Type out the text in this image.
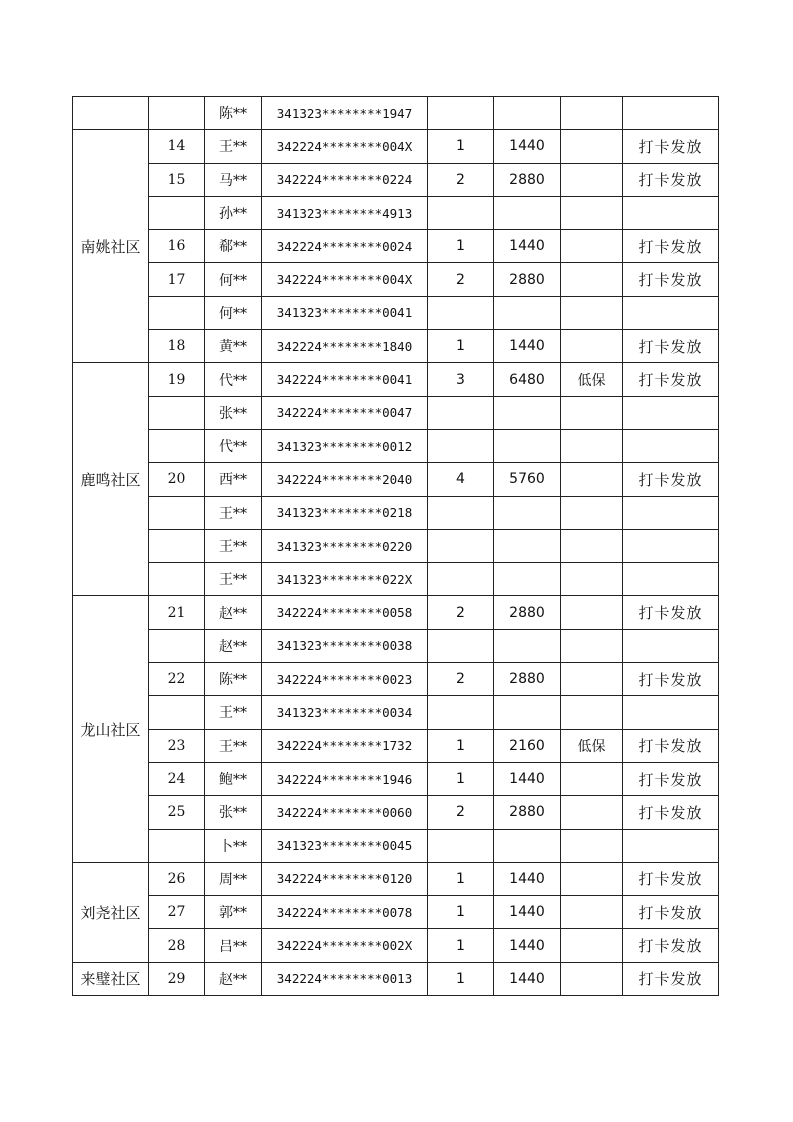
		陈**	341323********1947				
南姚社区	14	王**	342224********004X	1	1440		打卡发放
	15	马**	342224********0224	2	2880		打卡发放
		孙**	341323********4913				
	16	郗**	342224********0024	1	1440		打卡发放
	17	何**	342224********004X	2	2880		打卡发放
		何**	341323********0041				
	18	黄**	342224********1840	1	1440		打卡发放
鹿鸣社区	19	代**	342224********0041	3	6480	低保	打卡发放
		张**	342224********0047				
		代**	341323********0012				
	20	西**	342224********2040	4	5760		打卡发放
		王**	341323********0218				
		王**	341323********0220				
		王**	341323********022X				
龙山社区	21	赵**	342224********0058	2	2880		打卡发放
		赵**	341323********0038				
	22	陈**	342224********0023	2	2880		打卡发放
		王**	341323********0034				
	23	王**	342224********1732	1	2160	低保	打卡发放
	24	鲍**	342224********1946	1	1440		打卡发放
	25	张**	342224********0060	2	2880		打卡发放
		卜**	341323********0045				
刘尧社区	26	周**	342224********0120	1	1440		打卡发放
	27	郭**	342224********0078	1	1440		打卡发放
	28	吕**	342224********002X	1	1440		打卡发放
来璧社区	29	赵**	342224********0013	1	1440		打卡发放
